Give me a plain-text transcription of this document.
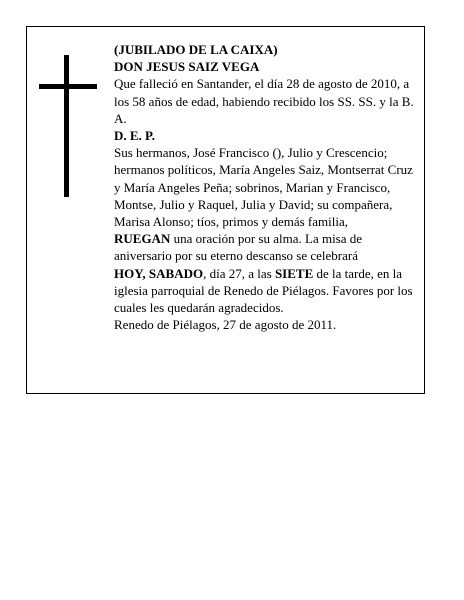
(JUBILADO DE LA CAIXA)

DON JESUS SAIZ VEGA

Que falleció en Santander, el día 28 de agosto de 2010, a los 58 años de edad, habiendo recibido los SS. SS. y la B. A.

D. E. P.

Sus hermanos, José Francisco (), Julio y Crescencio; hermanos políticos, María Angeles Saiz, Montserrat Cruz y María Angeles Peña; sobrinos, Marian y Francisco, Montse, Julio y Raquel, Julia y David; su compañera, Marisa Alonso; tíos, primos y demás familia,

RUEGAN una oración por su alma. La misa de aniversario por su eterno descanso se celebrará

HOY, SABADO, día 27, a las SIETE de la tarde, en la iglesia parroquial de Renedo de Piélagos. Favores por los cuales les quedarán agradecidos.

Renedo de Piélagos, 27 de agosto de 2011.
